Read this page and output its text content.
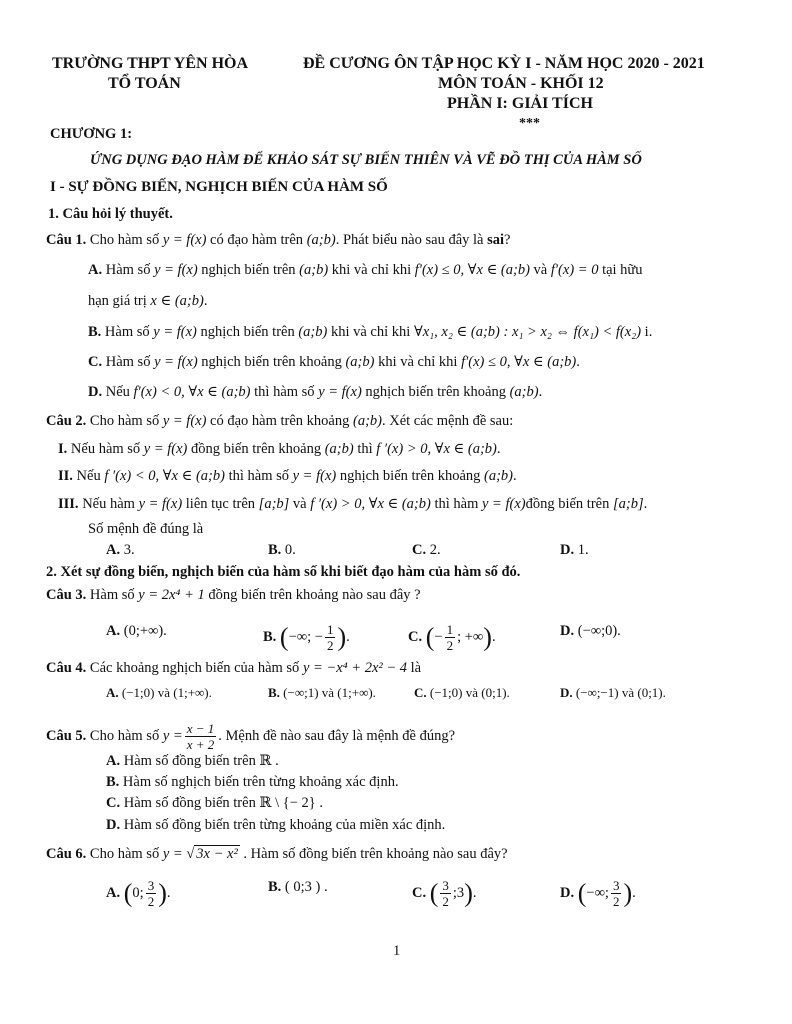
TRƯỜNG THPT YÊN HÒA
TỔ TOÁN
ĐỀ CƯƠNG ÔN TẬP HỌC KỲ I - NĂM HỌC 2020 - 2021
MÔN TOÁN - KHỐI 12
PHẦN I: GIẢI TÍCH
***
CHƯƠNG 1:
ỨNG DỤNG ĐẠO HÀM ĐỂ KHẢO SÁT SỰ BIẾN THIÊN VÀ VẼ ĐỒ THỊ CỦA HÀM SỐ
I - SỰ ĐỒNG BIẾN, NGHỊCH BIẾN CỦA HÀM SỐ
1. Câu hỏi lý thuyết.
Câu 1. Cho hàm số y = f(x) có đạo hàm trên (a;b). Phát biểu nào sau đây là sai?
A. Hàm số y = f(x) nghịch biến trên (a;b) khi và chỉ khi f′(x) ≤ 0, ∀x ∈ (a;b) và f′(x) = 0 tại hữu
hạn giá trị x ∈ (a;b).
B. Hàm số y = f(x) nghịch biến trên (a;b) khi và chỉ khi ∀x₁, x₂ ∈ (a;b) : x₁ > x₂ ⇔ f(x₁) < f(x₂) i.
C. Hàm số y = f(x) nghịch biến trên khoảng (a;b) khi và chỉ khi f′(x) ≤ 0, ∀x ∈ (a;b).
D. Nếu f′(x) < 0, ∀x ∈ (a;b) thì hàm số y = f(x) nghịch biến trên khoảng (a;b).
Câu 2. Cho hàm số y = f(x) có đạo hàm trên khoảng (a;b). Xét các mệnh đề sau:
I. Nếu hàm số y = f(x) đồng biến trên khoảng (a;b) thì f ′(x) > 0, ∀x ∈ (a;b).
II. Nếu f ′(x) < 0, ∀x ∈ (a;b) thì hàm số y = f(x) nghịch biến trên khoảng (a;b).
III. Nếu hàm y = f(x) liên tục trên [a;b] và f ′(x) > 0, ∀x ∈ (a;b) thì hàm y = f(x)đồng biến trên [a;b].
Số mệnh đề đúng là
A. 3.	B. 0.	C. 2.	D. 1.
2. Xét sự đồng biến, nghịch biến của hàm số khi biết đạo hàm của hàm số đó.
Câu 3. Hàm số y = 2x⁴ + 1 đồng biến trên khoảng nào sau đây ?
A. (0;+∞).	B. (−∞; − $\frac{1}{2}$ ).	C. (− $\frac{1}{2}$ ; +∞).	D. (−∞;0).
Câu 4. Các khoảng nghịch biến của hàm số y = −x⁴ + 2x² − 4 là
A. (−1;0) và (1;+∞).	B. (−∞;1) và (1;+∞).	C. (−1;0) và (0;1).	D. (−∞;−1) và (0;1).
Câu 5. Cho hàm số $y = \frac{x - 1}{x + 2}$ . Mệnh đề nào sau đây là mệnh đề đúng?
A. Hàm số đồng biến trên ℝ .
B. Hàm số nghịch biến trên từng khoảng xác định.
C. Hàm số đồng biến trên ℝ \ {− 2} .
D. Hàm số đồng biến trên từng khoảng của miền xác định.
Câu 6. Cho hàm số y = √ 3x − x² . Hàm số đồng biến trên khoảng nào sau đây?
A. (0; $\frac{3}{2}$ ).	B. ( 0;3 ) .	C. ( $\frac{3}{2}$ ;3).	D. (−∞; $\frac{3}{2}$ ).
1
